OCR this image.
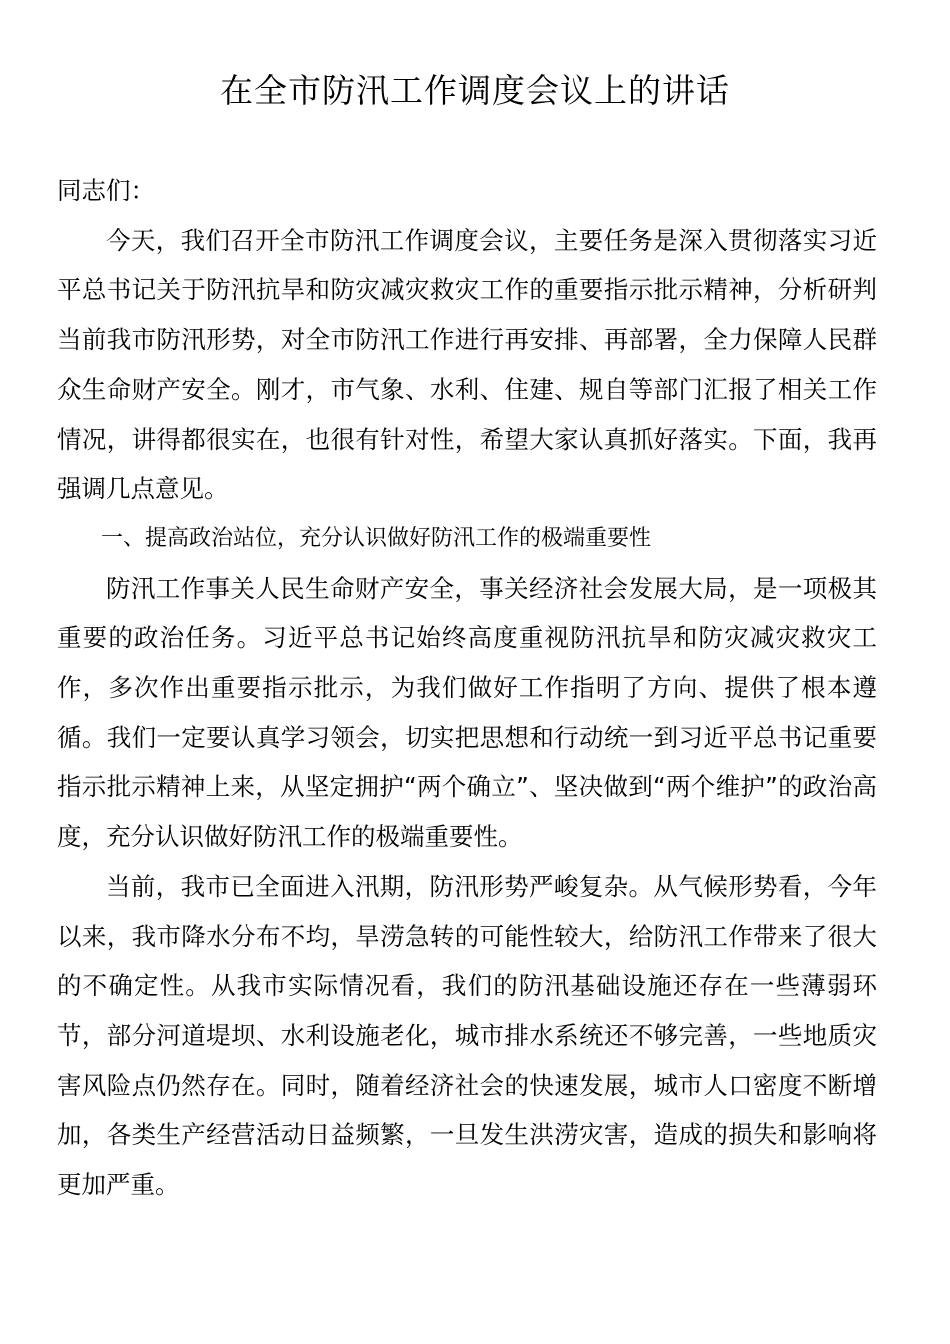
在全市防汛工作调度会议上的讲话

同志们：

今天，我们召开全市防汛工作调度会议，主要任务是深入贯彻落实习近平总书记关于防汛抗旱和防灾减灾救灾工作的重要指示批示精神，分析研判当前我市防汛形势，对全市防汛工作进行再安排、再部署，全力保障人民群众生命财产安全。刚才，市气象、水利、住建、规自等部门汇报了相关工作情况，讲得都很实在，也很有针对性，希望大家认真抓好落实。下面，我再强调几点意见。

一、提高政治站位，充分认识做好防汛工作的极端重要性

防汛工作事关人民生命财产安全，事关经济社会发展大局，是一项极其重要的政治任务。习近平总书记始终高度重视防汛抗旱和防灾减灾救灾工作，多次作出重要指示批示，为我们做好工作指明了方向、提供了根本遵循。我们一定要认真学习领会，切实把思想和行动统一到习近平总书记重要指示批示精神上来，从坚定拥护“两个确立”、坚决做到“两个维护”的政治高度，充分认识做好防汛工作的极端重要性。

当前，我市已全面进入汛期，防汛形势严峻复杂。从气候形势看，今年以来，我市降水分布不均，旱涝急转的可能性较大，给防汛工作带来了很大的不确定性。从我市实际情况看，我们的防汛基础设施还存在一些薄弱环节，部分河道堤坝、水利设施老化，城市排水系统还不够完善，一些地质灾害风险点仍然存在。同时，随着经济社会的快速发展，城市人口密度不断增加，各类生产经营活动日益频繁，一旦发生洪涝灾害，造成的损失和影响将更加严重。
